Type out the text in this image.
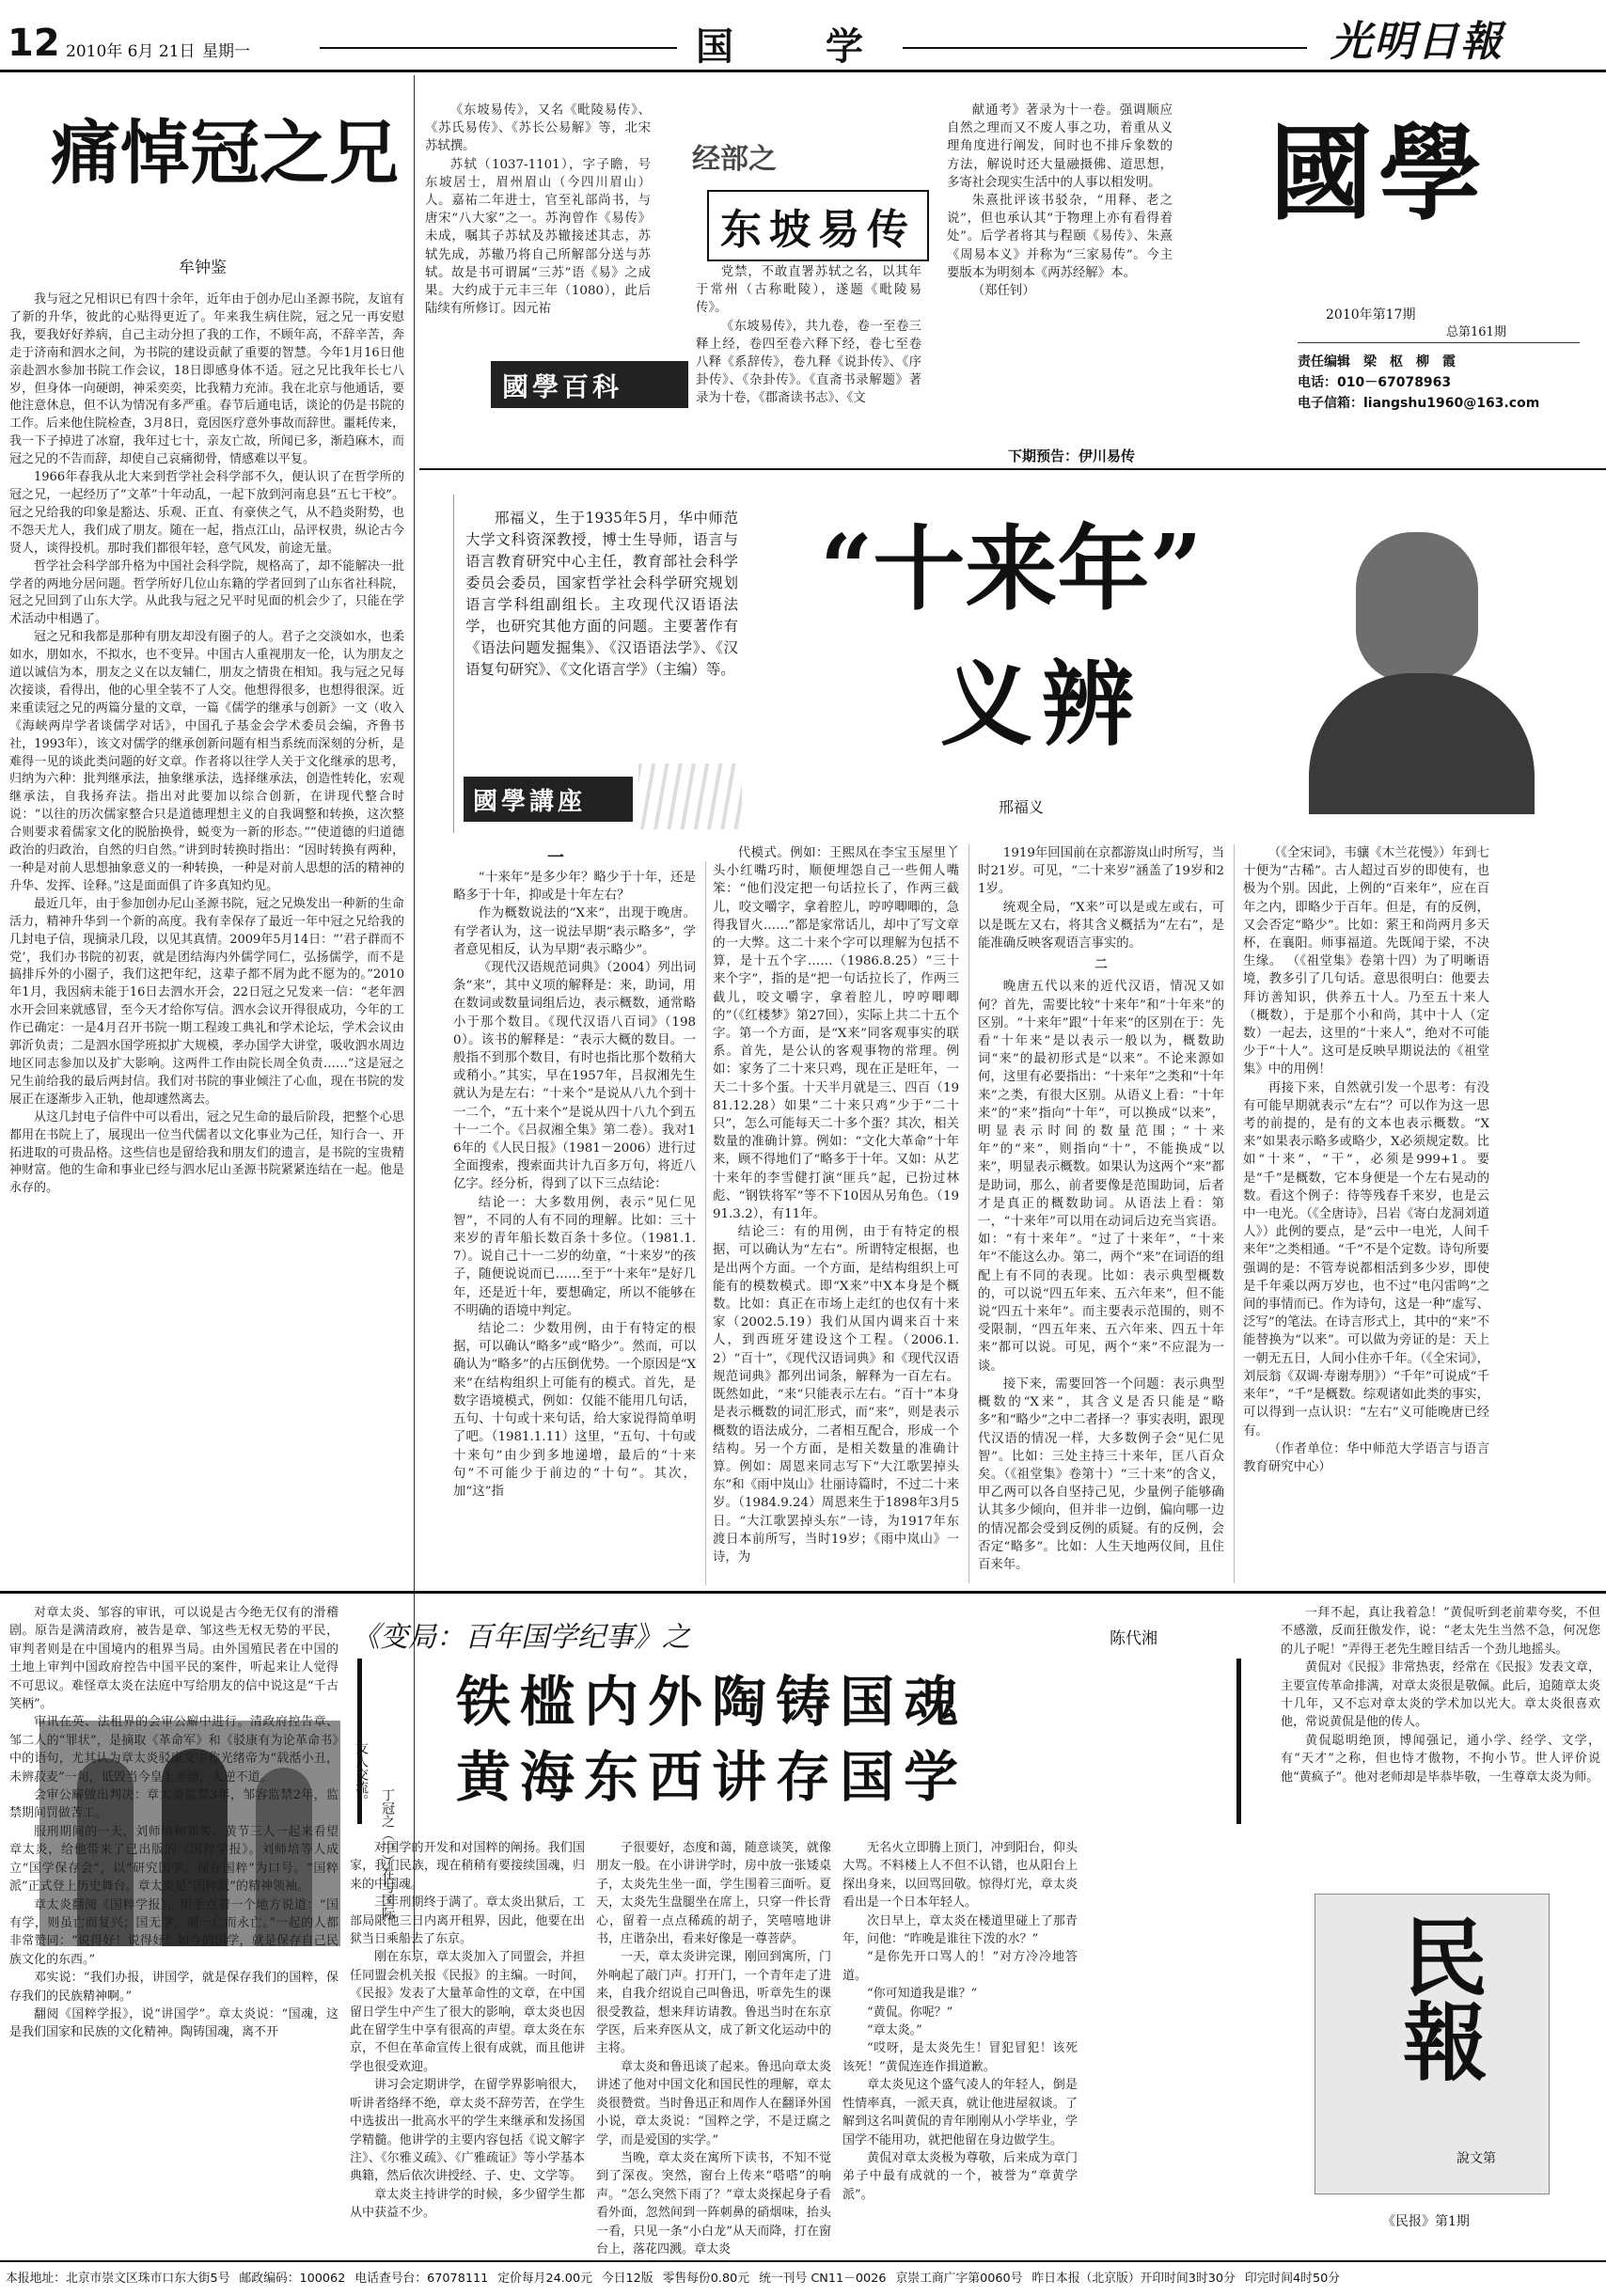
12 2010年 6月 21日 星期一	国　　学	光明日報
痛悼冠之兄
牟钟鉴

我与冠之兄相识已有四十余年，近年由于创办尼山圣源书院，友谊有了新的升华，彼此的心贴得更近了。年来我生病住院，冠之兄一再安慰我，要我好好养病，自己主动分担了我的工作，不顾年高，不辞辛苦，奔走于济南和泗水之间，为书院的建设贡献了重要的智慧。今年1月16日他亲赴泗水参加书院工作会议，18日即感身体不适。冠之兄比我年长七八岁，但身体一向硬朗，神采奕奕，比我精力充沛。我在北京与他通话，要他注意休息，但不认为情况有多严重。春节后通电话，谈论的仍是书院的工作。后来他住院检查，3月8日，竟因医疗意外事故而辞世。噩耗传来，我一下子掉进了冰窟，我年过七十，亲友亡故，所闻已多，渐趋麻木，而冠之兄的不告而辞，却使自己哀痛彻骨，情感难以平复。

1966年春我从北大来到哲学社会科学部不久，便认识了在哲学所的冠之兄，一起经历了“文革”十年动乱，一起下放到河南息县“五七干校”。冠之兄给我的印象是豁达、乐观、正直、有豪侠之气，从不趋炎附势，也不怨天尤人，我们成了朋友。随在一起，指点江山，品评权贵，纵论古今贤人，谈得投机。那时我们都很年轻，意气风发，前途无量。

哲学社会科学部升格为中国社会科学院，规格高了，却不能解决一批学者的两地分居问题。哲学所好几位山东籍的学者回到了山东省社科院，冠之兄回到了山东大学。从此我与冠之兄平时见面的机会少了，只能在学术活动中相遇了。

冠之兄和我都是那种有朋友却没有圈子的人。君子之交淡如水，也柔如水，朋如水，不拟水，也不变异。中国古人重视朋友一伦，认为朋友之道以诚信为本，朋友之义在以友辅仁，朋友之情贵在相知。我与冠之兄每次接谈，看得出，他的心里全装不了人交。他想得很多，也想得很深。近来重读冠之兄的两篇分量的文章，一篇《儒学的继承与创新》一文（收入《海峡两岸学者谈儒学对话》，中国孔子基金会学术委员会编，齐鲁书社，1993年），该文对儒学的继承创新问题有相当系统而深刻的分析，是难得一见的谈此类问题的好文章。作者将以往学人关于文化继承的思考，归纳为六种：批判继承法，抽象继承法，选择继承法，创造性转化，宏观继承法，自我扬弃法。指出对此要加以综合创新，在讲现代整合时说：“以往的历次儒家整合只是道德理想主义的自我调整和转换，这次整合则要求着儒家文化的脱胎换骨，蜕变为一新的形态。”“使道德的归道德政治的归政治，自然的归自然。”讲到时转换时指出：“因时转换有两种，一种是对前人思想抽象意义的一种转换，一种是对前人思想的活的精神的升华、发挥、诠释。”这是面面俱了许多真知灼见。

最近几年，由于参加创办尼山圣源书院，冠之兄焕发出一种新的生命活力，精神升华到一个新的高度。我有幸保存了最近一年中冠之兄给我的几封电子信，现摘录几段，以见其真情。2009年5月14日：“‘君子群而不党’，我们办书院的初衷，就是团结海内外儒学同仁，弘扬儒学，而不是搞排斥外的小圈子，我们这把年纪，这辈子都不屑为此不愿为的。”2010年1月，我因病未能于16日去泗水开会，22日冠之兄发来一信：“老年泗水开会回来就感冒，至今天才给你写信。泗水会议开得很成功，今年的工作已确定：一是4月召开书院一期工程竣工典礼和学术论坛，学术会议由郭沂负责；二是泗水国学班拟扩大规模，孝办国学大讲堂，吸收泗水周边地区同志参加以及扩大影响。这两件工作由院长周全负责……”这是冠之兄生前给我的最后两封信。我们对书院的事业倾注了心血，现在书院的发展正在逐渐步入正轨，他却遽然离去。

从这几封电子信件中可以看出，冠之兄生命的最后阶段，把整个心思都用在书院上了，展现出一位当代儒者以文化事业为己任，知行合一、开拓进取的可贵品格。这些信也是留给我和朋友们的遗言，是书院的宝贵精神财富。他的生命和事业已经与泗水尼山圣源书院紧紧连结在一起。他是永存的。

丁冠之（中）在与国际
友人交流。

《东坡易传》，又名《毗陵易传》、《苏氏易传》、《苏长公易解》等，北宋苏轼撰。

苏轼（1037-1101），字子瞻，号东坡居士，眉州眉山（今四川眉山）人。嘉祐二年进士，官至礼部尚书，与唐宋“八大家”之一。苏洵曾作《易传》未成，嘱其子苏轼及苏辙接述其志，苏轼先成，苏辙乃将自己所解部分送与苏轼。故是书可谓属“三苏”语《易》之成果。大约成于元丰三年（1080），此后陆续有所修订。因元祐

经部之
东坡易传

党禁，不敢直署苏轼之名，以其年于常州（古称毗陵），遂题《毗陵易传》。

《东坡易传》，共九卷，卷一至卷三释上经，卷四至卷六释下经，卷七至卷八释《系辞传》，卷九释《说卦传》、《序卦传》、《杂卦传》。《直斋书录解题》著录为十卷，《郡斋读书志》、《文

献通考》著录为十一卷。强调顺应自然之理而又不废人事之功，着重从义理角度进行阐发，间时也不排斥象数的方法，解说时还大量融摄佛、道思想，多寄社会现实生活中的人事以相发明。

朱熹批评该书驳杂，“用释、老之说”，但也承认其“于物理上亦有看得着处”。后学者将其与程颐《易传》、朱熹《周易本义》并称为“三家易传”。今主要版本为明刻本《两苏经解》本。

（郑任钊）

國學百科
下期预告：伊川易传
國學
2010年第17期
总第161期
责任编辑　梁　枢　柳　霞
电话：010－67078963
电子信箱：liangshu1960@163.com
邢福义，生于1935年5月，华中师范大学文科资深教授，博士生导师，语言与语言教育研究中心主任，教育部社会科学委员会委员，国家哲学社会科学研究规划语言学科组副组长。主攻现代汉语语法学，也研究其他方面的问题。主要著作有《语法问题发掘集》、《汉语语法学》、《汉语复句研究》、《文化语言学》（主编）等。
國學講座
“十来年”
义辨
邢福义
一

“十来年”是多少年？略少于十年，还是略多于十年，抑或是十年左右？

作为概数说法的“X来”，出现于晚唐。有学者认为，这一说法早期“表示略多”，学者意见相反，认为早期“表示略少”。

《现代汉语规范词典》（2004）列出词条“来”，其中义项的解释是：来，助词，用在数词或数量词组后边，表示概数，通常略小于那个数目。《现代汉语八百词》（1980）。该书的解释是：“表示大概的数目。一般指不到那个数目，有时也指比那个数稍大或稍小。”其实，早在1957年，吕叔湘先生就认为是左右：“十来个”是说从八九个到十一二个，“五十来个”是说从四十八九个到五十一二个。《吕叔湘全集》第二卷）。我对16年的《人民日报》（1981－2006）进行过全面搜索，搜索面共计九百多万句，将近八亿字。经分析，得到了以下三点结论：

结论一：大多数用例，表示“见仁见智”，不同的人有不同的理解。比如：三十来岁的青年船长数百条十多位。（1981.1.7）。说自己十一二岁的幼童，“十来岁”的孩子，随便说说而已……至于“十来年”是好几年，还是近十年，要想确定，所以不能够在不明确的语境中判定。

结论二：少数用例，由于有特定的根据，可以确认“略多”或“略少”。然而，可以确认为“略多”的占压倒优势。一个原因是“X来”在结构组织上可能有的模式。首先，是数字语境模式，例如：仅能不能用几句话，五句、十句或十来句话，给大家说得简单明了吧。（1981.1.11）这里，“五句、十句或十来句”由少到多地递增，最后的“十来句”不可能少于前边的“十句”。其次，加“这”指

代模式。例如：王熙凤在李宝玉屋里丫头小红嘴巧时，顺便埋怨自己一些佣人嘴笨：“他们没定把一句话拉长了，作两三截儿，咬文嚼字，拿着腔儿，哼哼唧唧的，急得我冒火……”都是家常话儿，却中了写文章的一大弊。这二十来个字可以理解为包括不算，是十五个字……（1986.8.25）“三十来个字”，指的是“把一句话拉长了，作两三截儿，咬文嚼字，拿着腔儿，哼哼唧唧的”（《红楼梦》第27回），实际上共二十五个字。第一个方面，是“X来”同客观事实的联系。首先，是公认的客观事物的常理。例如：家务了二十来只鸡，现在正是旺年，一天二十多个蛋。十天半月就是三、四百（1981.12.28）如果“二十来只鸡”少于“二十只”，怎么可能每天二十多个蛋？其次，相关数量的准确计算。例如：“文化大革命”十年来，顾不得地们了“略多于十年。又如：从艺十来年的李雪健打演“匪兵”起，已扮过林彪、“钢铁将军”等不下10因从另角色。（1991.3.2），有11年。

结论三：有的用例，由于有特定的根据，可以确认为“左右”。所谓特定根据，也是出两个方面。一个方面，是结构组织上可能有的模数模式。即“X来”中X本身是个概数。比如：真正在市场上走红的也仅有十来家（2002.5.19）我们从国内调来百十来人，到西班牙建设这个工程。（2006.1.2）“百十”，《现代汉语词典》和《现代汉语规范词典》都列出词条，解释为一百左右。既然如此，“来”只能表示左右。“百十”本身是表示概数的词汇形式，而“来”，则是表示概数的语法成分，二者相互配合，形成一个结构。另一个方面，是相关数量的准确计算。例如：周恩来同志写下“大江歌罢掉头东”和《雨中岚山》壮丽诗篇时，不过二十来岁。（1984.9.24）周恩来生于1898年3月5日。“大江歌罢掉头东”一诗，为1917年东渡日本前所写，当时19岁；《雨中岚山》一诗，为

1919年回国前在京都游岚山时所写，当时21岁。可见，“二十来岁”涵盖了19岁和21岁。

统观全局，“X来”可以是或左或右，可以是既左又右，将其含义概括为“左右”，是能准确反映客观语言事实的。

二

晚唐五代以来的近代汉语，情况又如何？首先，需要比较“十来年”和“十年来”的区别。“十来年”跟“十年来”的区别在于：先看“十年来”是以表示一般以为，概数助词“来”的最初形式是“以来”。不论来源如何，这里有必要指出：“十来年”之类和“十年来”之类，有很大区别。从语义上看：“十年来”的“来”指向“十年”，可以换成“以来”，明显表示时间的数量范围；“十来年”的“来”，则指向“十”，不能换成“以来”，明显表示概数。如果认为这两个“来”都是助词，那么，前者要像是范围助词，后者才是真正的概数助词。从语法上看：第一，“十来年”可以用在动词后边充当宾语。如：“有十来年”。“过了十来年”，“十来年”不能这么办。第二，两个“来”在词语的组配上有不同的表现。比如：表示典型概数的，可以说“四五年来、五六年来”，但不能说“四五十来年”。而主要表示范围的，则不受限制，“四五年来、五六年来、四五十年来”都可以说。可见，两个“来”不应混为一谈。

接下来，需要回答一个问题：表示典型概数的“X来”，其含义是否只能是“略多”和“略少”之中二者择一？事实表明，跟现代汉语的情况一样，大多数例子会“见仁见智”。比如：三处主持三十来年，匡八百众矣。（《祖堂集》卷第十）“三十来”的含义，甲乙两可以各自坚持己见，少量例子能够确认其多少倾向，但并非一边倒，偏向哪一边的情况都会受到反例的质疑。有的反例，会否定“略多”。比如：人生天地两仪间，且住百来年。

（《全宋词》，韦骧《木兰花慢》）年到七十便为“古稀”。古人超过百岁的即使有，也极为个别。因此，上例的“百来年”，应在百年之内，即略少于百年。但是，有的反例，又会否定“略少”。比如：萦王和尚两月多天杯，在襄阳。师事福道。先既闻于梁，不决生缘。 （《祖堂集》卷第十四）为了明晰语境，教多引了几句话。意思很明白：他要去拜访善知识，供养五十人。乃至五十来人（概数），于是那个小和尚，其中十人（定数）一起去，这里的“十来人”，绝对不可能少于“十人”。这可是反映早期说法的《祖堂集》中的用例！

再接下来，自然就引发一个思考：有没有可能早期就表示“左右”？可以作为这一思考的前提的，是有的文本也表示概数。“X来”如果表示略多或略少，X必须规定数。比如“十来”，“干”，必须是999+1。要是“千”是概数，它本身便是一个左右晃动的数。看这个例子：待等残春千来岁，也是云中一电光。（《全唐诗》，吕岩《寄白龙洞刘道人》）此例的要点，是“云中一电光，人间千来年”之类相通。“千”不是个定数。诗句所要强调的是：不管寿说都相活到多少岁，即使是千年乘以两万岁也，也不过“电闪雷鸣”之间的事情而已。作为诗句，这是一种“虚写、泛写”的笔法。在诗言形式上，其中的“来”不能替换为“以来”。可以做为旁证的是：天上一朝无五日，人间小住亦千年。（《全宋词》，刘辰翁《双调·寿谢寿朋》）“千年”可说成“千来年”，“千”是概数。综观诸如此类的事实，可以得到一点认识：“左右”义可能晚唐已经有。

（作者单位：华中师范大学语言与语言教育研究中心）

对章太炎、邹容的审讯，可以说是古今绝无仅有的滑稽剧。原告是满清政府，被告是章、邹这些无权无势的平民，审判者则是在中国境内的租界当局。由外国殖民者在中国的土地上审判中国政府控告中国平民的案件，听起来让人觉得不可思议。难怪章太炎在法庭中写给朋友的信中说这是“千古笑柄”。

审讯在英、法租界的会审公廨中进行。清政府控告章、邹二人的“罪状”，是摘取《革命军》和《驳康有为论革命书》中的语句，尤其认为章太炎驳康文中称光绪帝为“载湉小丑，未辨菽麦”一句，诋毁当今皇上圣德，大逆不道。

会审公廨做出判决：章太炎监禁3年，邹容监禁2年，监禁期间罚做苦工。

服刑期间的一天，刘师培和邓实、黄节三人一起来看望章太炎，给他带来了已出版的《国粹学报》。刘师培等人成立“国学保存会”，以“研究国学、保存国粹”为口号。“国粹派”正式登上历史舞台。章太炎是“国粹派”的精神领袖。

章太炎翻阅《国粹学报》，用手点着一个地方说道：“国有学，则虽亡而复兴；国无学，则一亡而永亡。”一起的人都非常赞同：“说得好！说得好！如今的国学，就是保存自己民族文化的东西。”

邓实说：“我们办报，讲国学，就是保存我们的国粹，保存我们的民族精神啊。”

翻阅《国粹学报》，说“讲国学”。章太炎说：“国魂，这是我们国家和民族的文化精神。陶铸国魂，离不开

《变局：百年国学纪事》之	陈代湘
铁槛内外陶铸国魂
黄海东西讲存国学

对国学的开发和对国粹的阐扬。我们国家，我们民族，现在稍稍有要接续国魂，归来的中国魂。

三年刑期终于满了。章太炎出狱后，工部局限他三日内离开租界，因此，他要在出狱当日乘船去了东京。

刚在东京，章太炎加入了同盟会，并担任同盟会机关报《民报》的主编。一时间，《民报》发表了大量革命性的文章，在中国留日学生中产生了很大的影响，章太炎也因此在留学生中享有很高的声望。章太炎在东京，不但在革命宣传上很有成就，而且他讲学也很受欢迎。

讲习会定期讲学，在留学界影响很大，听讲者络绎不绝，章太炎不辞劳苦，在学生中选拔出一批高水平的学生来继承和发扬国学精髓。他讲学的主要内容包括《说文解字注》、《尔雅义疏》、《广雅疏证》等小学基本典籍，然后依次讲授经、子、史、文学等。

章太炎主持讲学的时候，多少留学生都从中获益不少。

子很要好，态度和蔼，随意谈笑，就像朋友一般。在小讲讲学时，房中放一张矮桌子，太炎先生坐一面，学生围着三面听。夏天，太炎先生盘腿坐在席上，只穿一件长背心，留着一点点稀疏的胡子，笑嘻嘻地讲书，庄谐杂出，看来好像是一尊菩萨。

一天，章太炎讲完课，刚回到寓所，门外响起了敲门声。打开门，一个青年走了进来，自我介绍说自己叫鲁迅，听章先生的课很受教益，想来拜访请教。鲁迅当时在东京学医，后来弃医从文，成了新文化运动中的主将。

章太炎和鲁迅谈了起来。鲁迅向章太炎讲述了他对中国文化和国民性的理解，章太炎很赞赏。当时鲁迅正和周作人在翻译外国小说，章太炎说：“国粹之学，不是迂腐之学，而是爱国的实学。”

当晚，章太炎在寓所下读书，不知不觉到了深夜。突然，窗台上传来“嗒嗒”的响声。“怎么突然下雨了？”章太炎探起身子看看外面，忽然间到一阵刺鼻的硝烟味，抬头一看，只见一条“小白龙”从天而降，打在窗台上，落花四溅。章太炎

无名火立即腾上顶门，冲到阳台，仰头大骂。不料楼上人不但不认错，也从阳台上探出身来，以回骂回敬。惊得灯光，章太炎看出是一个日本年轻人。

次日早上，章太炎在楼道里碰上了那青年，问他：“昨晚是谁往下泼的水？”

“是你先开口骂人的！”对方冷冷地答道。

“你可知道我是谁？”

“黄侃。你呢？”

“章太炎。”

“哎呀，是太炎先生！冒犯冒犯！该死该死！”黄侃连连作揖道歉。

章太炎见这个盛气凌人的年轻人，倒是性情率真，一派天真，就让他进屋叙谈。了解到这名叫黄侃的青年刚刚从小学毕业，学国学不能用功，就把他留在身边做学生。

黄侃对章太炎极为尊敬，后来成为章门弟子中最有成就的一个，被誉为“章黄学派”。

一拜不起，真让我着急！”黄侃听到老前辈夸奖，不但不感激，反而狂傲发作，说：“老太先生当然不急，何况您的儿子呢！”弄得王老先生瞠目结舌一个劲儿地摇头。

黄侃对《民报》非常热衷，经常在《民报》发表文章，主要宣传革命排满，对章太炎很是敬佩。此后，追随章太炎十几年，又不忘对章太炎的学术加以光大。章太炎很喜欢他，常说黄侃是他的传人。

黄侃聪明绝顶，博闻强记，通小学、经学、文学，有“天才”之称，但也恃才傲物，不拘小节。世人评价说他“黄疯子”。他对老师却是毕恭毕敬，一生尊章太炎为师。

民報
說文第
《民报》第1期
本报地址：北京市崇文区珠市口东大街5号 邮政编码：100062 电话查号台：67078111 定价每月24.00元 今日12版 零售每份0.80元 统一刊号 CN11－0026 京崇工商广字第0060号 昨日本报（北京版）开印时间3时30分 印完时间4时50分
